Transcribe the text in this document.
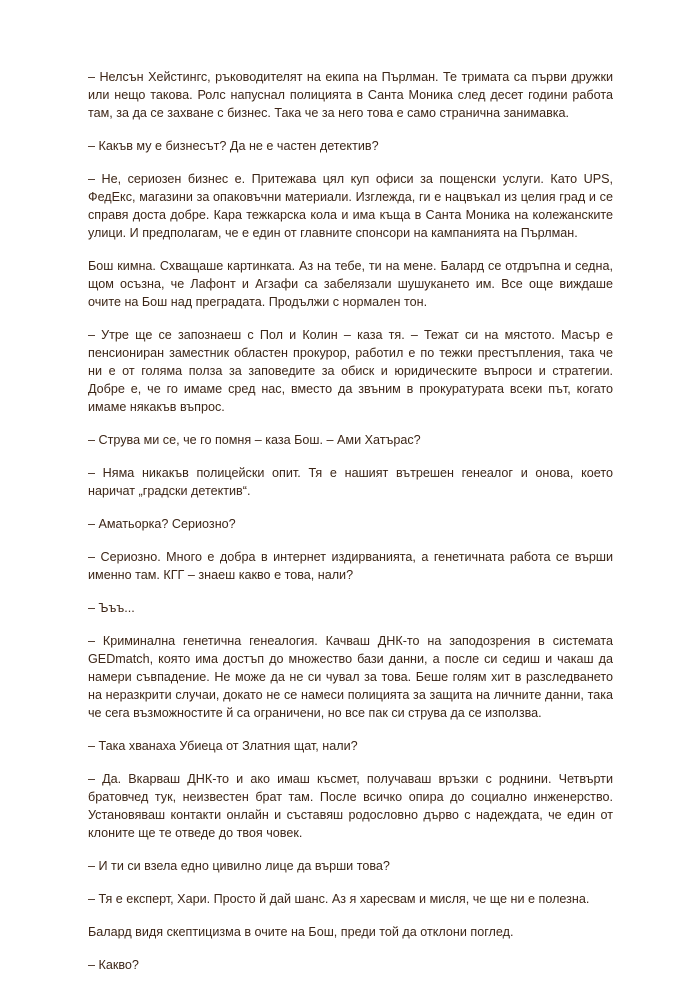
– Нелсън Хейстингс, ръководителят на екипа на Пърлман. Те тримата са първи дружки или нещо такова. Ролс напуснал полицията в Санта Моника след десет години работа там, за да се захване с бизнес. Така че за него това е само странична занимавка.

– Какъв му е бизнесът? Да не е частен детектив?

– Не, сериозен бизнес е. Притежава цял куп офиси за пощенски услуги. Като UPS, ФедЕкс, магазини за опаковъчни материали. Изглежда, ги е нацвъкал из целия град и се справя доста добре. Кара тежкарска кола и има къща в Санта Моника на колежанските улици. И предполагам, че е един от главните спонсори на кампанията на Пърлман.

Бош кимна. Схващаше картинката. Аз на тебе, ти на мене. Балард се отдръпна и седна, щом осъзна, че Лафонт и Агзафи са забелязали шушукането им. Все още виждаше очите на Бош над преградата. Продължи с нормален тон.

– Утре ще се запознаеш с Пол и Колин – каза тя. – Тежат си на мястото. Масър е пенсиониран заместник областен прокурор, работил е по тежки престъпления, така че ни е от голяма полза за заповедите за обиск и юридическите въпроси и стратегии. Добре е, че го имаме сред нас, вместо да звъним в прокуратурата всеки път, когато имаме някакъв въпрос.

– Струва ми се, че го помня – каза Бош. – Ами Хатърас?

– Няма никакъв полицейски опит. Тя е нашият вътрешен генеалог и онова, което наричат „градски детектив“.

– Аматьорка? Сериозно?

– Сериозно. Много е добра в интернет издирванията, а генетичната работа се върши именно там. КГГ – знаеш какво е това, нали?

– Ъъъ...

– Криминална генетична генеалогия. Качваш ДНК-то на заподозрения в системата GEDmatch, която има достъп до множество бази данни, а после си седиш и чакаш да намери съвпадение. Не може да не си чувал за това. Беше голям хит в разследването на неразкрити случаи, докато не се намеси полицията за защита на личните данни, така че сега възможностите й са ограничени, но все пак си струва да се използва.

– Така хванаха Убиеца от Златния щат, нали?

– Да. Вкарваш ДНК-то и ако имаш късмет, получаваш връзки с роднини. Четвърти братовчед тук, неизвестен брат там. После всичко опира до социално инженерство. Установяваш контакти онлайн и съставяш родословно дърво с надеждата, че един от клоните ще те отведе до твоя човек.

– И ти си взела едно цивилно лице да върши това?

– Тя е експерт, Хари. Просто й дай шанс. Аз я харесвам и мисля, че ще ни е полезна.

Балард видя скептицизма в очите на Бош, преди той да отклони поглед.

– Какво?
